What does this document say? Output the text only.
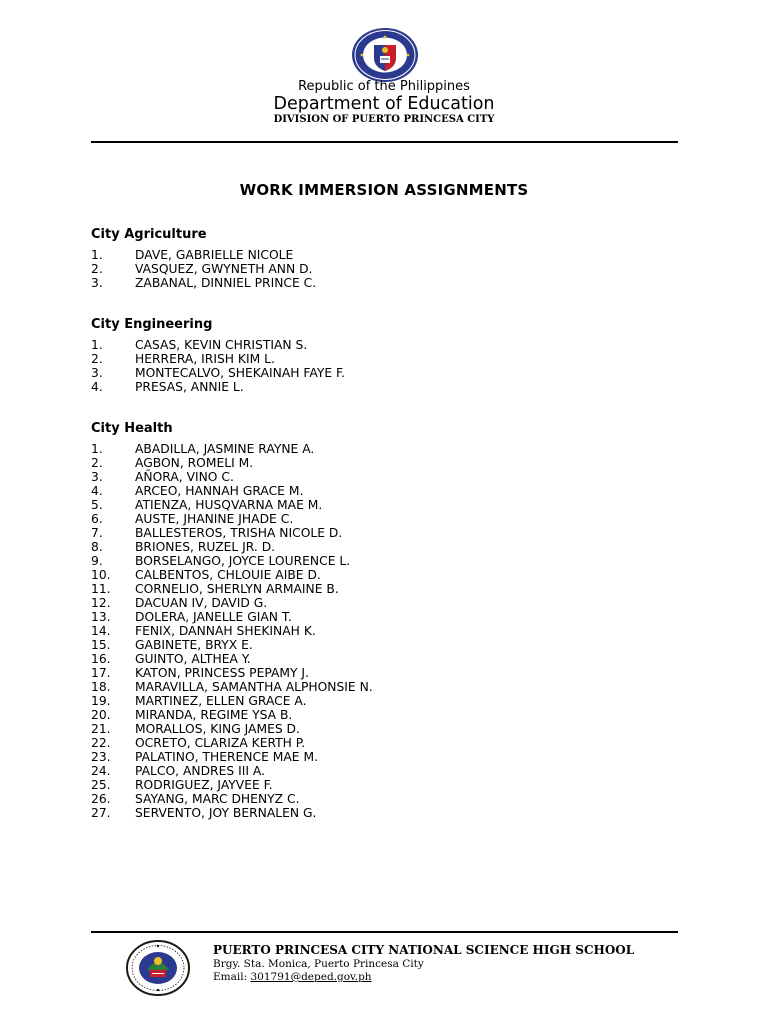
Republic of the Philippines
Department of Education
DIVISION OF PUERTO PRINCESA CITY
WORK IMMERSION ASSIGNMENTS
City Agriculture
1.	DAVE, GABRIELLE NICOLE
2.	VASQUEZ, GWYNETH ANN D.
3.	ZABANAL, DINNIEL PRINCE C.
City Engineering
1.	CASAS, KEVIN CHRISTIAN S.
2.	HERRERA, IRISH KIM L.
3.	MONTECALVO, SHEKAINAH FAYE F.
4.	PRESAS, ANNIE L.
City Health
1.	ABADILLA, JASMINE RAYNE A.
2.	AGBON, ROMELI M.
3.	AÑORA, VINO C.
4.	ARCEO, HANNAH GRACE M.
5.	ATIENZA, HUSQVARNA MAE M.
6.	AUSTE, JHANINE JHADE C.
7.	BALLESTEROS, TRISHA NICOLE D.
8.	BRIONES, RUZEL JR. D.
9.	BORSELANGO, JOYCE LOURENCE L.
10. CALBENTOS, CHLOUIE AIBE D.
11. CORNELIO, SHERLYN ARMAINE B.
12. DACUAN IV, DAVID G.
13. DOLERA, JANELLE GIAN T.
14. FENIX, DANNAH SHEKINAH K.
15. GABINETE, BRYX E.
16. GUINTO, ALTHEA Y.
17. KATON, PRINCESS PEPAMY J.
18. MARAVILLA, SAMANTHA ALPHONSIE N.
19. MARTINEZ, ELLEN GRACE A.
20. MIRANDA, REGIME YSA B.
21. MORALLOS, KING JAMES D.
22. OCRETO, CLARIZA KERTH P.
23. PALATINO, THERENCE MAE M.
24. PALCO, ANDRES III A.
25. RODRIGUEZ, JAYVEE F.
26. SAYANG, MARC DHENYZ C.
27. SERVENTO, JOY BERNALEN G.
PUERTO PRINCESA CITY NATIONAL SCIENCE HIGH SCHOOL
Brgy. Sta. Monica, Puerto Princesa City
Email: 301791@deped.gov.ph
